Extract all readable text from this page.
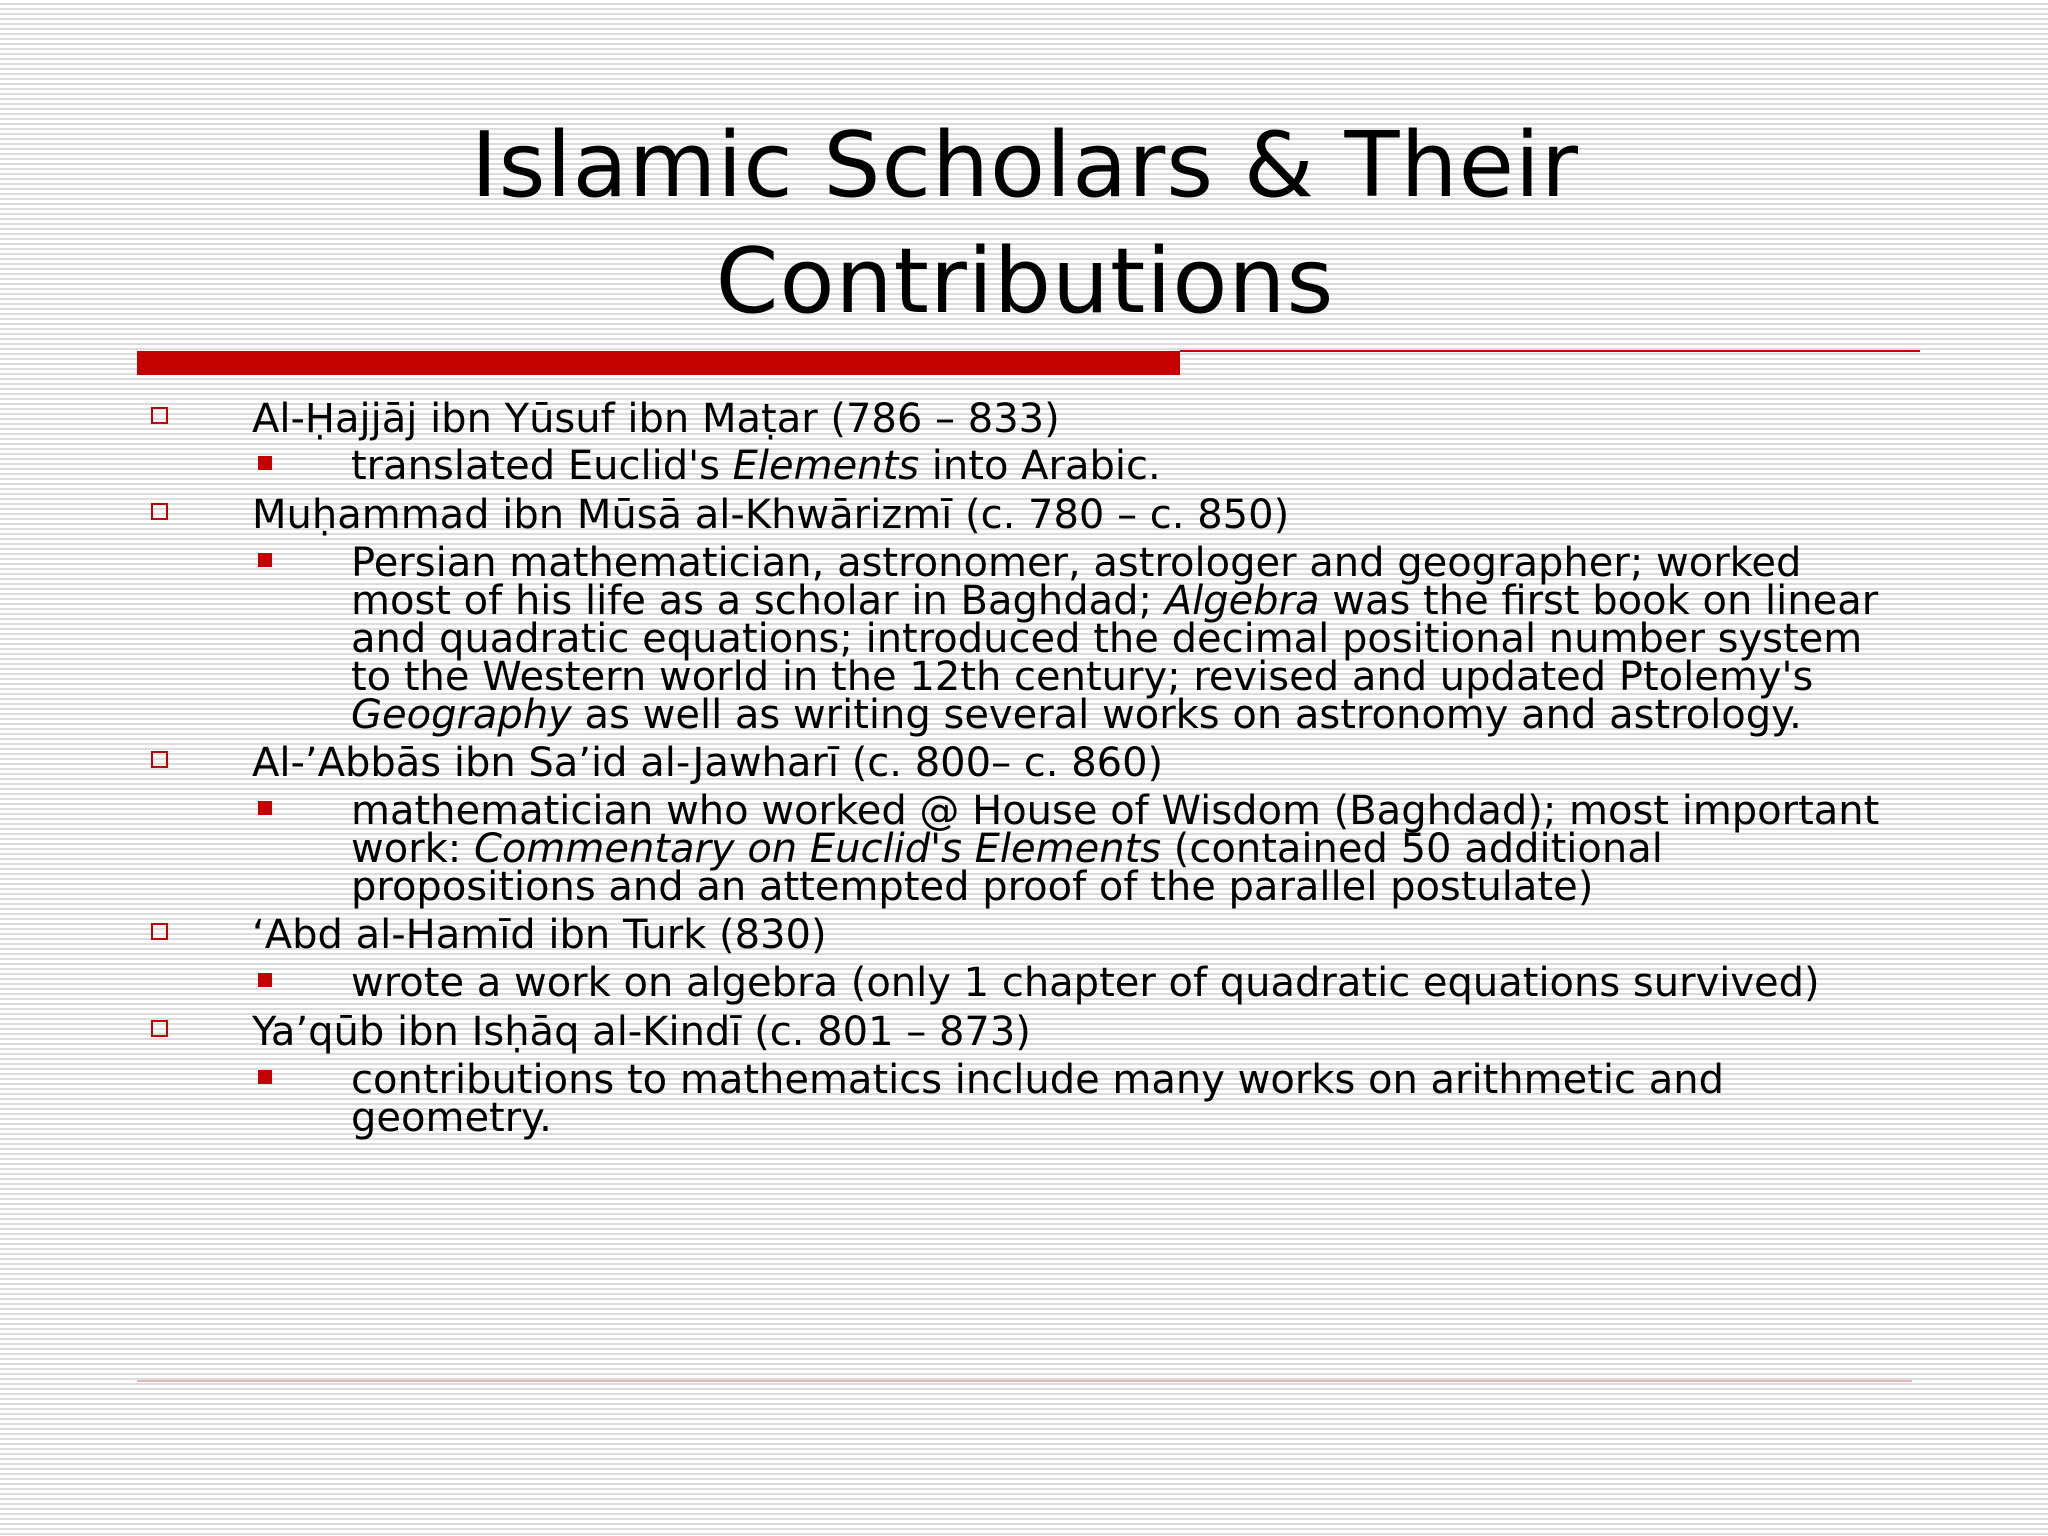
Islamic Scholars & Their
Contributions
Al-Ḥajjāj ibn Yūsuf ibn Maṭar (786 – 833)
translated Euclid's Elements into Arabic.
Muḥammad ibn Mūsā al-Khwārizmī (c. 780 – c. 850)
Persian mathematician, astronomer, astrologer and geographer; worked
most of his life as a scholar in Baghdad; Algebra was the first book on linear
and quadratic equations; introduced the decimal positional number system
to the Western world in the 12th century; revised and updated Ptolemy's
Geography as well as writing several works on astronomy and astrology.
Al-’Abbās ibn Sa’id al-Jawharī (c. 800– c. 860)
mathematician who worked @ House of Wisdom (Baghdad); most important
work: Commentary on Euclid's Elements (contained 50 additional
propositions and an attempted proof of the parallel postulate)
‘Abd al-Hamīd ibn Turk (830)
wrote a work on algebra (only 1 chapter of quadratic equations survived)
Ya’qūb ibn Isḥāq al-Kindī (c. 801 – 873)
contributions to mathematics include many works on arithmetic and
geometry.
